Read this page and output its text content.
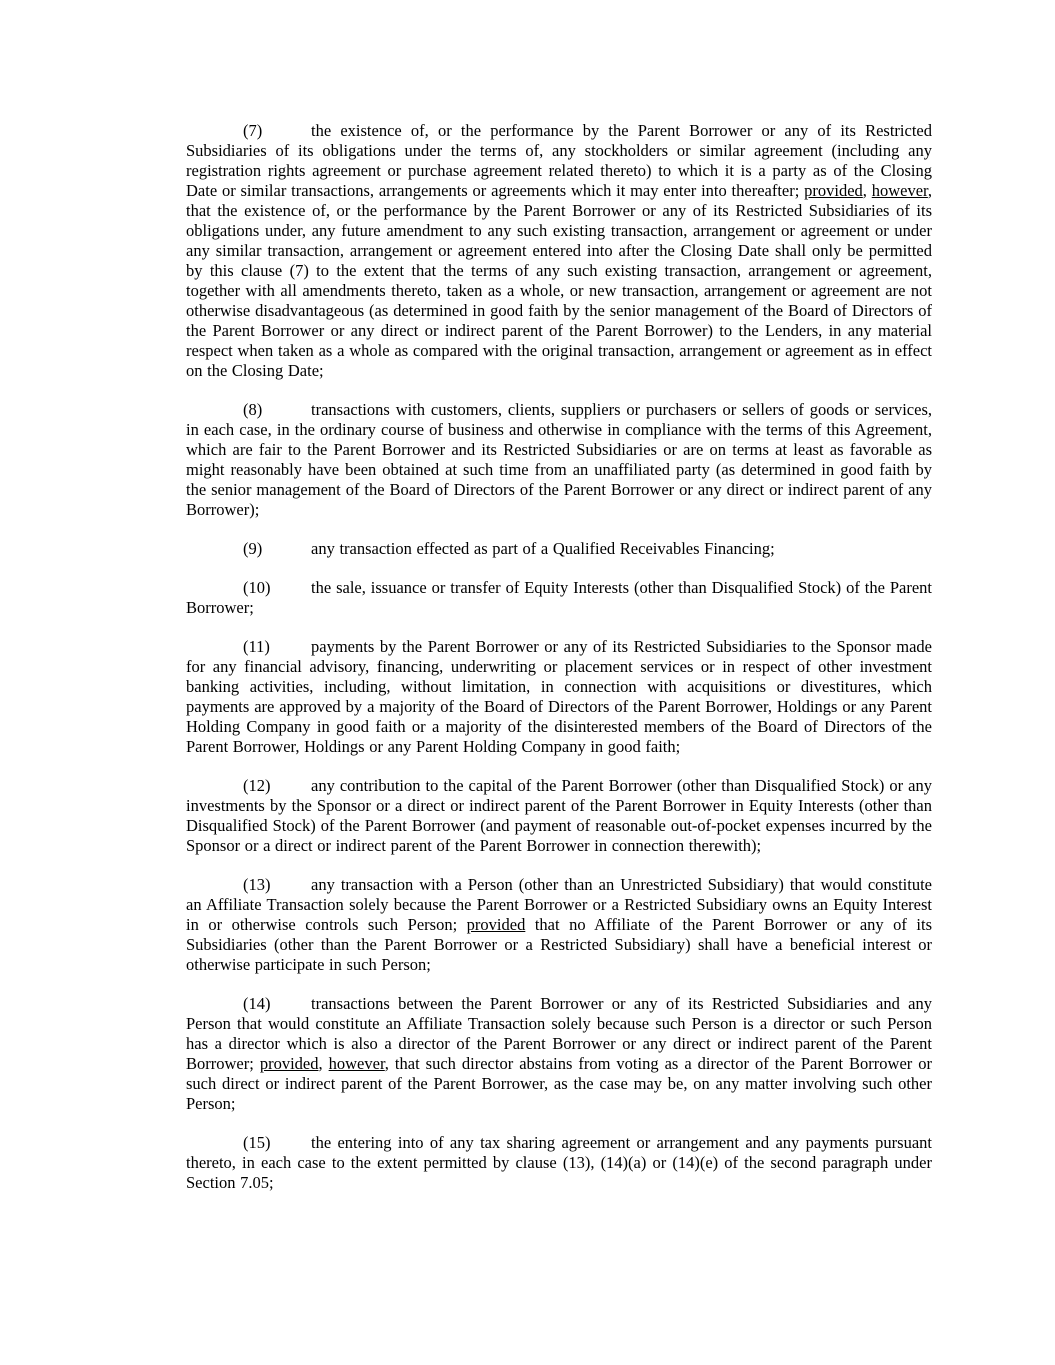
(7)	the existence of, or the performance by the Parent Borrower or any of its Restricted Subsidiaries of its obligations under the terms of, any stockholders or similar agreement (including any registration rights agreement or purchase agreement related thereto) to which it is a party as of the Closing Date or similar transactions, arrangements or agreements which it may enter into thereafter; provided, however, that the existence of, or the performance by the Parent Borrower or any of its Restricted Subsidiaries of its obligations under, any future amendment to any such existing transaction, arrangement or agreement or under any similar transaction, arrangement or agreement entered into after the Closing Date shall only be permitted by this clause (7) to the extent that the terms of any such existing transaction, arrangement or agreement, together with all amendments thereto, taken as a whole, or new transaction, arrangement or agreement are not otherwise disadvantageous (as determined in good faith by the senior management of the Board of Directors of the Parent Borrower or any direct or indirect parent of the Parent Borrower) to the Lenders, in any material respect when taken as a whole as compared with the original transaction, arrangement or agreement as in effect on the Closing Date;

(8)	transactions with customers, clients, suppliers or purchasers or sellers of goods or services, in each case, in the ordinary course of business and otherwise in compliance with the terms of this Agreement, which are fair to the Parent Borrower and its Restricted Subsidiaries or are on terms at least as favorable as might reasonably have been obtained at such time from an unaffiliated party (as determined in good faith by the senior management of the Board of Directors of the Parent Borrower or any direct or indirect parent of any Borrower);

(9)	any transaction effected as part of a Qualified Receivables Financing;

(10) the sale, issuance or transfer of Equity Interests (other than Disqualified Stock) of the Parent Borrower;

(11) payments by the Parent Borrower or any of its Restricted Subsidiaries to the Sponsor made for any financial advisory, financing, underwriting or placement services or in respect of other investment banking activities, including, without limitation, in connection with acquisitions or divestitures, which payments are approved by a majority of the Board of Directors of the Parent Borrower, Holdings or any Parent Holding Company in good faith or a majority of the disinterested members of the Board of Directors of the Parent Borrower, Holdings or any Parent Holding Company in good faith;

(12) any contribution to the capital of the Parent Borrower (other than Disqualified Stock) or any investments by the Sponsor or a direct or indirect parent of the Parent Borrower in Equity Interests (other than Disqualified Stock) of the Parent Borrower (and payment of reasonable out-of-pocket expenses incurred by the Sponsor or a direct or indirect parent of the Parent Borrower in connection therewith);

(13) any transaction with a Person (other than an Unrestricted Subsidiary) that would constitute an Affiliate Transaction solely because the Parent Borrower or a Restricted Subsidiary owns an Equity Interest in or otherwise controls such Person; provided that no Affiliate of the Parent Borrower or any of its Subsidiaries (other than the Parent Borrower or a Restricted Subsidiary) shall have a beneficial interest or otherwise participate in such Person;

(14) transactions between the Parent Borrower or any of its Restricted Subsidiaries and any Person that would constitute an Affiliate Transaction solely because such Person is a director or such Person has a director which is also a director of the Parent Borrower or any direct or indirect parent of the Parent Borrower; provided, however, that such director abstains from voting as a director of the Parent Borrower or such direct or indirect parent of the Parent Borrower, as the case may be, on any matter involving such other Person;

(15) the entering into of any tax sharing agreement or arrangement and any payments pursuant thereto, in each case to the extent permitted by clause (13), (14)(a) or (14)(e) of the second paragraph under Section 7.05;
